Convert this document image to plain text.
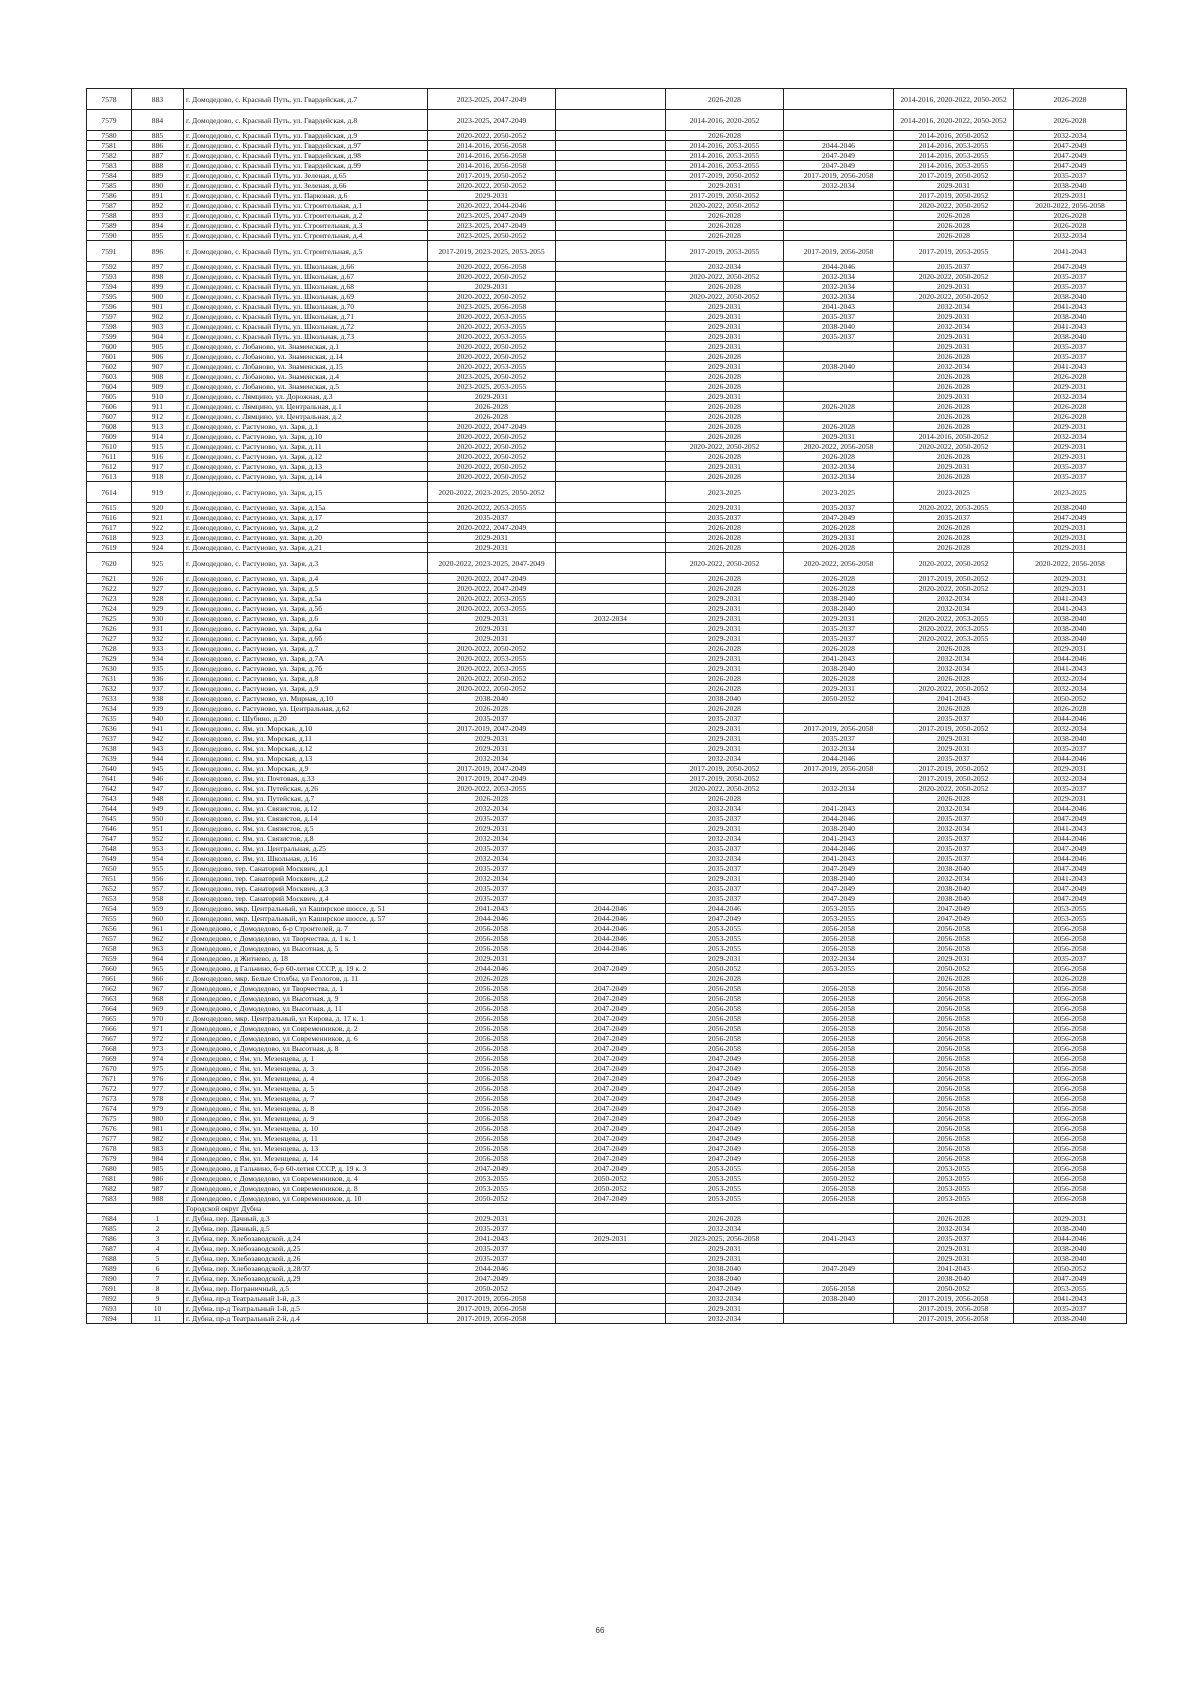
7578	883	г. Домодедово, с. Красный Путь, ул. Гвардейская, д.7	2023-2025, 2047-2049		2026-2028		2014-2016, 2020-2022, 2050-2052	2026-2028
7579	884	г. Домодедово, с. Красный Путь, ул. Гвардейская, д.8	2023-2025, 2047-2049		2014-2016, 2020-2052		2014-2016, 2020-2022, 2050-2052	2026-2028
7580	885	г. Домодедово, с. Красный Путь, ул. Гвардейская, д.9	2020-2022, 2050-2052		2026-2028		2014-2016, 2050-2052	2032-2034
7581	886	г. Домодедово, с. Красный Путь, ул. Гвардейская, д.97	2014-2016, 2056-2058		2014-2016, 2053-2055	2044-2046	2014-2016, 2053-2055	2047-2049
7582	887	г. Домодедово, с. Красный Путь, ул. Гвардейская, д.98	2014-2016, 2056-2058		2014-2016, 2053-2055	2047-2049	2014-2016, 2053-2055	2047-2049
7583	888	г. Домодедово, с. Красный Путь, ул. Гвардейская, д.99	2014-2016, 2056-2058		2014-2016, 2053-2055	2047-2049	2014-2016, 2053-2055	2047-2049
7584	889	г. Домодедово, с. Красный Путь, ул. Зеленая, д.65	2017-2019, 2050-2052		2017-2019, 2050-2052	2017-2019, 2056-2058	2017-2019, 2050-2052	2035-2037
7585	890	г. Домодедово, с. Красный Путь, ул. Зеленая, д.66	2020-2022, 2050-2052		2029-2031	2032-2034	2029-2031	2038-2040
7586	891	г. Домодедово, с. Красный Путь, ул. Парковая, д.6	2029-2031		2017-2019, 2050-2052		2017-2019, 2050-2052	2029-2031
7587	892	г. Домодедово, с. Красный Путь, ул. Строительная, д.1	2020-2022, 2044-2046		2020-2022, 2050-2052		2020-2022, 2050-2052	2020-2022, 2056-2058
7588	893	г. Домодедово, с. Красный Путь, ул. Строительная, д.2	2023-2025, 2047-2049		2026-2028		2026-2028	2026-2028
7589	894	г. Домодедово, с. Красный Путь, ул. Строительная, д.3	2023-2025, 2047-2049		2026-2028		2026-2028	2026-2028
7590	895	г. Домодедово, с. Красный Путь, ул. Строительная, д.4	2023-2025, 2050-2052		2026-2028		2026-2028	2032-2034
7591	896	г. Домодедово, с. Красный Путь, ул. Строительная, д.5	2017-2019, 2023-2025, 2053-2055		2017-2019, 2053-2055	2017-2019, 2056-2058	2017-2019, 2053-2055	2041-2043
7592	897	г. Домодедово, с. Красный Путь, ул. Школьная, д.66	2020-2022, 2056-2058		2032-2034	2044-2046	2035-2037	2047-2049
7593	898	г. Домодедово, с. Красный Путь, ул. Школьная, д.67	2020-2022, 2050-2052		2020-2022, 2050-2052	2032-2034	2020-2022, 2050-2052	2035-2037
7594	899	г. Домодедово, с. Красный Путь, ул. Школьная, д.68	2029-2031		2026-2028	2032-2034	2029-2031	2035-2037
7595	900	г. Домодедово, с. Красный Путь, ул. Школьная, д.69	2020-2022, 2050-2052		2020-2022, 2050-2052	2032-2034	2020-2022, 2050-2052	2038-2040
7596	901	г. Домодедово, с. Красный Путь, ул. Школьная, д.70	2023-2025, 2056-2058		2029-2031	2041-2043	2032-2034	2041-2043
7597	902	г. Домодедово, с. Красный Путь, ул. Школьная, д.71	2020-2022, 2053-2055		2029-2031	2035-2037	2029-2031	2038-2040
7598	903	г. Домодедово, с. Красный Путь, ул. Школьная, д.72	2020-2022, 2053-2055		2029-2031	2038-2040	2032-2034	2041-2043
7599	904	г. Домодедово, с. Красный Путь, ул. Школьная, д.73	2020-2022, 2053-2055		2029-2031	2035-2037	2029-2031	2038-2040
7600	905	г. Домодедово, с. Лобаново, ул. Знаменская, д.1	2020-2022, 2050-2052		2029-2031		2029-2031	2035-2037
7601	906	г. Домодедово, с. Лобаново, ул. Знаменская, д.14	2020-2022, 2050-2052		2026-2028		2026-2028	2035-2037
7602	907	г. Домодедово, с. Лобаново, ул. Знаменская, д.15	2020-2022, 2053-2055		2029-2031	2038-2040	2032-2034	2041-2043
7603	908	г. Домодедово, с. Лобаново, ул. Знаменская, д.4	2023-2025, 2050-2052		2026-2028		2026-2028	2026-2028
7604	909	г. Домодедово, с. Лобаново, ул. Знаменская, д.5	2023-2025, 2053-2055		2026-2028		2026-2028	2029-2031
7605	910	г. Домодедово, с. Лямцино, ул. Дорожная, д.3	2029-2031		2029-2031		2029-2031	2032-2034
7606	911	г. Домодедово, с. Лямцино, ул. Центральная, д.1	2026-2028		2026-2028	2026-2028	2026-2028	2026-2028
7607	912	г. Домодедово, с. Лямцино, ул. Центральная, д.2	2026-2028		2026-2028		2026-2028	2026-2028
7608	913	г. Домодедово, с. Растуново, ул. Заря, д.1	2020-2022, 2047-2049		2026-2028	2026-2028	2026-2028	2029-2031
7609	914	г. Домодедово, с. Растуново, ул. Заря, д.10	2020-2022, 2050-2052		2026-2028	2029-2031	2014-2016, 2050-2052	2032-2034
7610	915	г. Домодедово, с. Растуново, ул. Заря, д.11	2020-2022, 2050-2052		2020-2022, 2050-2052	2020-2022, 2056-2058	2020-2022, 2050-2052	2029-2031
7611	916	г. Домодедово, с. Растуново, ул. Заря, д.12	2020-2022, 2050-2052		2026-2028	2026-2028	2026-2028	2029-2031
7612	917	г. Домодедово, с. Растуново, ул. Заря, д.13	2020-2022, 2050-2052		2029-2031	2032-2034	2029-2031	2035-2037
7613	918	г. Домодедово, с. Растуново, ул. Заря, д.14	2020-2022, 2050-2052		2026-2028	2032-2034	2026-2028	2035-2037
7614	919	г. Домодедово, с. Растуново, ул. Заря, д.15	2020-2022, 2023-2025, 2050-2052		2023-2025	2023-2025	2023-2025	2023-2025
7615	920	г. Домодедово, с. Растуново, ул. Заря, д.15а	2020-2022, 2053-2055		2029-2031	2035-2037	2020-2022, 2053-2055	2038-2040
7616	921	г. Домодедово, с. Растуново, ул. Заря, д.17	2035-2037		2035-2037	2047-2049	2035-2037	2047-2049
7617	922	г. Домодедово, с. Растуново, ул. Заря, д.2	2020-2022, 2047-2049		2026-2028	2026-2028	2026-2028	2029-2031
7618	923	г. Домодедово, с. Растуново, ул. Заря, д.20	2029-2031		2026-2028	2029-2031	2026-2028	2029-2031
7619	924	г. Домодедово, с. Растуново, ул. Заря, д.21	2029-2031		2026-2028	2026-2028	2026-2028	2029-2031
7620	925	г. Домодедово, с. Растуново, ул. Заря, д.3	2020-2022, 2023-2025, 2047-2049		2020-2022, 2050-2052	2020-2022, 2056-2058	2020-2022, 2050-2052	2020-2022, 2056-2058
7621	926	г. Домодедово, с. Растуново, ул. Заря, д.4	2020-2022, 2047-2049		2026-2028	2026-2028	2017-2019, 2050-2052	2029-2031
7622	927	г. Домодедово, с. Растуново, ул. Заря, д.5	2020-2022, 2047-2049		2026-2028	2026-2028	2020-2022, 2050-2052	2029-2031
7623	928	г. Домодедово, с. Растуново, ул. Заря, д.5а	2020-2022, 2053-2055		2029-2031	2038-2040	2032-2034	2041-2043
7624	929	г. Домодедово, с. Растуново, ул. Заря, д.5б	2020-2022, 2053-2055		2029-2031	2038-2040	2032-2034	2041-2043
7625	930	г. Домодедово, с. Растуново, ул. Заря, д.6	2029-2031	2032-2034	2029-2031	2029-2031	2020-2022, 2053-2055	2038-2040
7626	931	г. Домодедово, с. Растуново, ул. Заря, д.6а	2029-2031		2029-2031	2035-2037	2020-2022, 2053-2055	2038-2040
7627	932	г. Домодедово, с. Растуново, ул. Заря, д.6б	2029-2031		2029-2031	2035-2037	2020-2022, 2053-2055	2038-2040
7628	933	г. Домодедово, с. Растуново, ул. Заря, д.7	2020-2022, 2050-2052		2026-2028	2026-2028	2026-2028	2029-2031
7629	934	г. Домодедово, с. Растуново, ул. Заря, д.7А	2020-2022, 2053-2055		2029-2031	2041-2043	2032-2034	2044-2046
7630	935	г. Домодедово, с. Растуново, ул. Заря, д.7б	2020-2022, 2053-2055		2029-2031	2038-2040	2032-2034	2041-2043
7631	936	г. Домодедово, с. Растуново, ул. Заря, д.8	2020-2022, 2050-2052		2026-2028	2026-2028	2026-2028	2032-2034
7632	937	г. Домодедово, с. Растуново, ул. Заря, д.9	2020-2022, 2050-2052		2026-2028	2029-2031	2020-2022, 2050-2052	2032-2034
7633	938	г. Домодедово, с. Растуново, ул. Мирная, д.10	2038-2040		2038-2040	2050-2052	2041-2043	2050-2052
7634	939	г. Домодедово, с. Растуново, ул. Центральная, д.62	2026-2028		2026-2028		2026-2028	2026-2028
7635	940	г. Домодедово, с. Шубино, д.20	2035-2037		2035-2037		2035-2037	2044-2046
7636	941	г. Домодедово, с. Ям, ул. Морская, д.10	2017-2019, 2047-2049		2029-2031	2017-2019, 2056-2058	2017-2019, 2050-2052	2032-2034
7637	942	г. Домодедово, с. Ям, ул. Морская, д.11	2029-2031		2029-2031	2035-2037	2029-2031	2038-2040
7638	943	г. Домодедово, с. Ям, ул. Морская, д.12	2029-2031		2029-2031	2032-2034	2029-2031	2035-2037
7639	944	г. Домодедово, с. Ям, ул. Морская, д.13	2032-2034		2032-2034	2044-2046	2035-2037	2044-2046
7640	945	г. Домодедово, с. Ям, ул. Морская, д.9	2017-2019, 2047-2049		2017-2019, 2050-2052	2017-2019, 2056-2058	2017-2019, 2050-2052	2029-2031
7641	946	г. Домодедово, с. Ям, ул. Почтовая, д.33	2017-2019, 2047-2049		2017-2019, 2050-2052		2017-2019, 2050-2052	2032-2034
7642	947	г. Домодедово, с. Ям, ул. Путейская, д.26	2020-2022, 2053-2055		2020-2022, 2050-2052	2032-2034	2020-2022, 2050-2052	2035-2037
7643	948	г. Домодедово, с. Ям, ул. Путейская, д.7	2026-2028		2026-2028		2026-2028	2029-2031
7644	949	г. Домодедово, с. Ям, ул. Связистов, д.12	2032-2034		2032-2034	2041-2043	2032-2034	2044-2046
7645	950	г. Домодедово, с. Ям, ул. Связистов, д.14	2035-2037		2035-2037	2044-2046	2035-2037	2047-2049
7646	951	г. Домодедово, с. Ям, ул. Связистов, д.5	2029-2031		2029-2031	2038-2040	2032-2034	2041-2043
7647	952	г. Домодедово, с. Ям, ул. Связистов, д.8	2032-2034		2032-2034	2041-2043	2035-2037	2044-2046
7648	953	г. Домодедово, с. Ям, ул. Центральная, д.25	2035-2037		2035-2037	2044-2046	2035-2037	2047-2049
7649	954	г. Домодедово, с. Ям, ул. Школьная, д.16	2032-2034		2032-2034	2041-2043	2035-2037	2044-2046
7650	955	г. Домодедово, тер. Санаторий Москвич, д.1	2035-2037		2035-2037	2047-2049	2038-2040	2047-2049
7651	956	г. Домодедово, тер. Санаторий Москвич, д.2	2032-2034		2029-2031	2038-2040	2032-2034	2041-2043
7652	957	г. Домодедово, тер. Санаторий Москвич, д.3	2035-2037		2035-2037	2047-2049	2038-2040	2047-2049
7653	958	г. Домодедово, тер. Санаторий Москвич, д.4	2035-2037		2035-2037	2047-2049	2038-2040	2047-2049
7654	959	г. Домодедово, мкр. Центральный, ул Каширское шоссе, д. 51	2041-2043	2044-2046	2044-2046	2053-2055	2047-2049	2053-2055
7655	960	г. Домодедово, мкр. Центральный, ул Каширское шоссе, д. 57	2044-2046	2044-2046	2047-2049	2053-2055	2047-2049	2053-2055
7656	961	г Домодедово, с Домодедово, б-р Строителей, д. 7	2056-2058	2044-2046	2053-2055	2056-2058	2056-2058	2056-2058
7657	962	г Домодедово, с Домодедово, ул Творчества, д. 1 к. 1	2056-2058	2044-2046	2053-2055	2056-2058	2056-2058	2056-2058
7658	963	г Домодедово, с Домодедово, ул Высотная, д. 5	2056-2058	2044-2046	2053-2055	2056-2058	2056-2058	2056-2058
7659	964	г Домодедово, д Житнево, д. 18	2029-2031		2029-2031	2032-2034	2029-2031	2035-2037
7660	965	г Домодедово, д Гальчино, б-р 60-летия СССР, д. 19 к. 2	2044-2046	2047-2049	2050-2052	2053-2055	2050-2052	2056-2058
7661	966	г. Домодедово, мкр. Белые Столбы, ул Геологов, д. 11	2026-2028		2026-2028		2026-2028	2026-2028
7662	967	г Домодедово, с Домодедово, ул Творчества, д. 1	2056-2058	2047-2049	2056-2058	2056-2058	2056-2058	2056-2058
7663	968	г Домодедово, с Домодедово, ул Высотная, д. 9	2056-2058	2047-2049	2056-2058	2056-2058	2056-2058	2056-2058
7664	969	г Домодедово, с Домодедово, ул Высотная, д. 11	2056-2058	2047-2049	2056-2058	2056-2058	2056-2058	2056-2058
7665	970	г. Домодедово, мкр. Центральный, ул Кирова, д. 17 к. 1	2056-2058	2047-2049	2056-2058	2056-2058	2056-2058	2056-2058
7666	971	г Домодедово, с Домодедово, ул Современников, д. 2	2056-2058	2047-2049	2056-2058	2056-2058	2056-2058	2056-2058
7667	972	г Домодедово, с Домодедово, ул Современников, д. 6	2056-2058	2047-2049	2056-2058	2056-2058	2056-2058	2056-2058
7668	973	г Домодедово, с Домодедово, ул Высотная, д. 8	2056-2058	2047-2049	2056-2058	2056-2058	2056-2058	2056-2058
7669	974	г Домодедово, с Ям, ул. Мезенцева, д. 1	2056-2058	2047-2049	2047-2049	2056-2058	2056-2058	2056-2058
7670	975	г Домодедово, с Ям, ул. Мезенцева, д. 3	2056-2058	2047-2049	2047-2049	2056-2058	2056-2058	2056-2058
7671	976	г Домодедово, с Ям, ул. Мезенцева, д. 4	2056-2058	2047-2049	2047-2049	2056-2058	2056-2058	2056-2058
7672	977	г Домодедово, с Ям, ул. Мезенцева, д. 5	2056-2058	2047-2049	2047-2049	2056-2058	2056-2058	2056-2058
7673	978	г Домодедово, с Ям, ул. Мезенцева, д. 7	2056-2058	2047-2049	2047-2049	2056-2058	2056-2058	2056-2058
7674	979	г Домодедово, с Ям, ул. Мезенцева, д. 8	2056-2058	2047-2049	2047-2049	2056-2058	2056-2058	2056-2058
7675	980	г Домодедово, с Ям, ул. Мезенцева, д. 9	2056-2058	2047-2049	2047-2049	2056-2058	2056-2058	2056-2058
7676	981	г Домодедово, с Ям, ул. Мезенцева, д. 10	2056-2058	2047-2049	2047-2049	2056-2058	2056-2058	2056-2058
7677	982	г Домодедово, с Ям, ул. Мезенцева, д. 11	2056-2058	2047-2049	2047-2049	2056-2058	2056-2058	2056-2058
7678	983	г Домодедово, с Ям, ул. Мезенцева, д. 13	2056-2058	2047-2049	2047-2049	2056-2058	2056-2058	2056-2058
7679	984	г Домодедово, с Ям, ул. Мезенцева, д. 14	2056-2058	2047-2049	2047-2049	2056-2058	2056-2058	2056-2058
7680	985	г Домодедово, д Гальчино, б-р 60-летия СССР, д. 19 к. 3	2047-2049	2047-2049	2053-2055	2056-2058	2053-2055	2056-2058
7681	986	г Домодедово, с Домодедово, ул Современников, д. 4	2053-2055	2050-2052	2053-2055	2050-2052	2053-2055	2056-2058
7682	987	г Домодедово, с Домодедово, ул Современников, д. 8	2053-2055	2050-2052	2053-2055	2056-2058	2053-2055	2056-2058
7683	988	г Домодедово, с Домодедово, ул Современников, д. 10	2050-2052	2047-2049	2053-2055	2056-2058	2053-2055	2056-2058
		Городской округ Дубна						
7684	1	г. Дубна, пер. Дачный, д.3	2029-2031		2026-2028		2026-2028	2029-2031
7685	2	г. Дубна, пер. Дачный, д.5	2035-2037		2032-2034		2032-2034	2038-2040
7686	3	г. Дубна, пер. Хлебозаводской, д.24	2041-2043	2029-2031	2023-2025, 2056-2058	2041-2043	2035-2037	2044-2046
7687	4	г. Дубна, пер. Хлебозаводской, д.25	2035-2037		2029-2031		2029-2031	2038-2040
7688	5	г. Дубна, пер. Хлебозаводской, д.26	2035-2037		2029-2031		2029-2031	2038-2040
7689	6	г. Дубна, пер. Хлебозаводской, д.28/37	2044-2046		2038-2040	2047-2049	2041-2043	2050-2052
7690	7	г. Дубна, пер. Хлебозаводской, д.29	2047-2049		2038-2040		2038-2040	2047-2049
7691	8	г. Дубна, пер. Пограничный, д.5	2050-2052		2047-2049	2056-2058	2050-2052	2053-2055
7692	9	г. Дубна, пр-д Театральный 1-й, д.3	2017-2019, 2056-2058		2032-2034	2038-2040	2017-2019, 2056-2058	2041-2043
7693	10	г. Дубна, пр-д Театральный 1-й, д.5	2017-2019, 2056-2058		2029-2031		2017-2019, 2056-2058	2035-2037
7694	11	г. Дубна, пр-д Театральный 2-й, д.4	2017-2019, 2056-2058		2032-2034		2017-2019, 2056-2058	2038-2040
66
